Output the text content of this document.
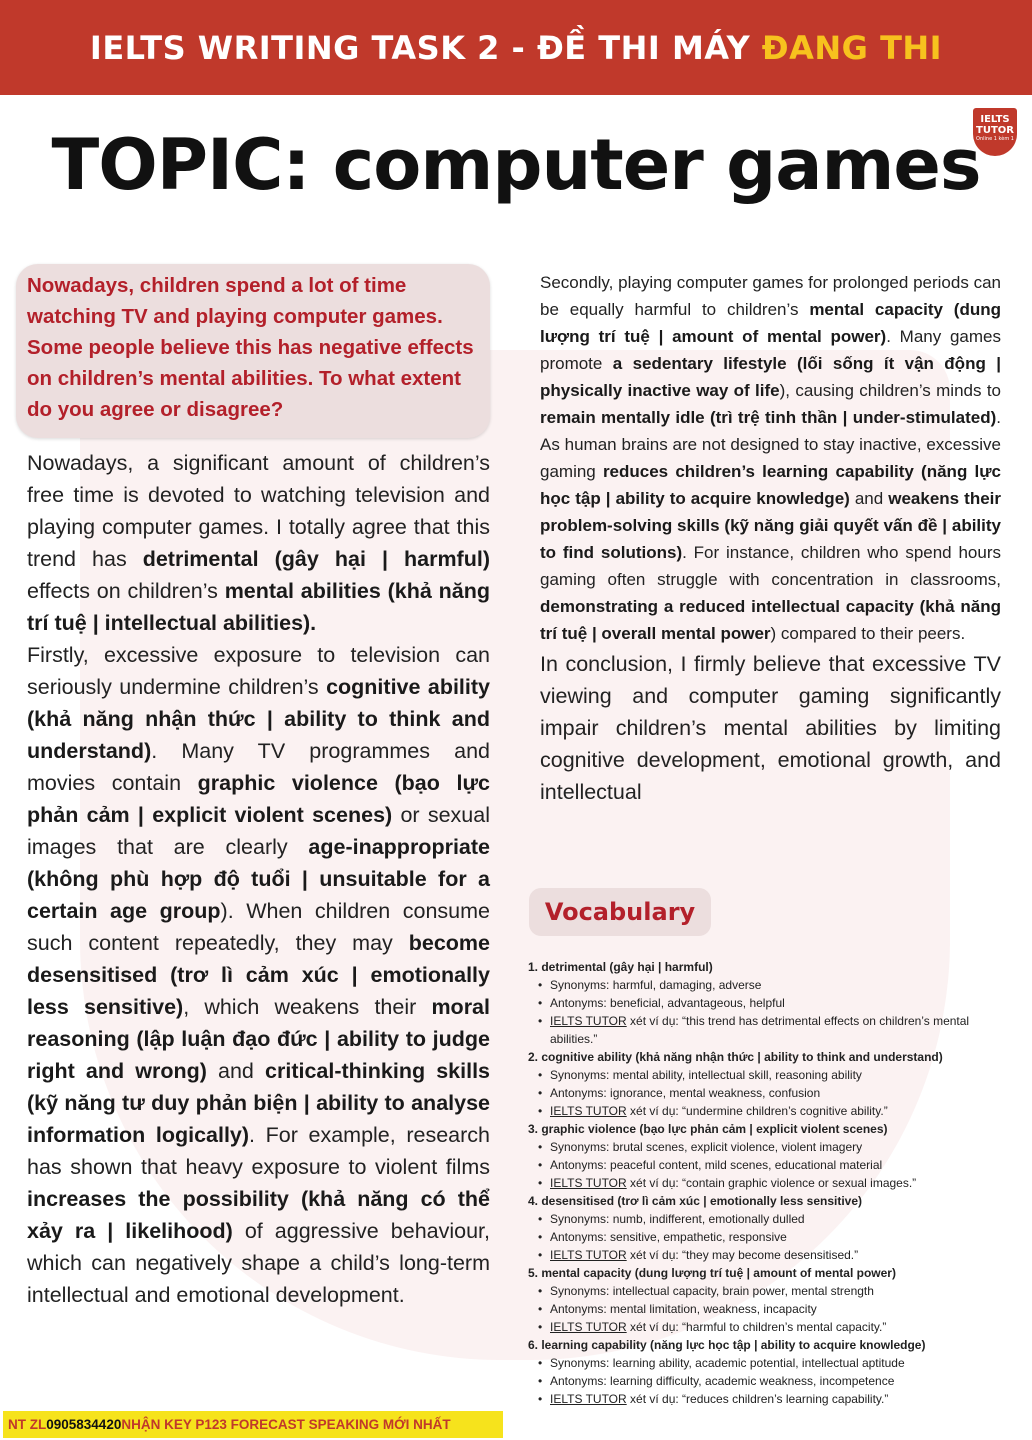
IELTS WRITING TASK 2 - ĐỀ THI MÁY ĐANG THI
IELTS
TUTOR
Online 1 kèm 1
TOPIC: computer games
Nowadays, children spend a lot of time watching TV and playing computer games. Some people believe this has negative effects on children’s mental abilities. To what extent do you agree or disagree?

Nowadays, a significant amount of children’s free time is devoted to watching television and playing computer games. I totally agree that this trend has detrimental (gây hại | harmful) effects on children’s mental abilities (khả năng trí tuệ | intellectual abilities).

Firstly, excessive exposure to television can seriously undermine children’s cognitive ability (khả năng nhận thức | ability to think and understand). Many TV programmes and movies contain graphic violence (bạo lực phản cảm | explicit violent scenes) or sexual images that are clearly age-inappropriate (không phù hợp độ tuổi | unsuitable for a certain age group). When children consume such content repeatedly, they may become desensitised (trơ lì cảm xúc | emotionally less sensitive), which weakens their moral reasoning (lập luận đạo đức | ability to judge right and wrong) and critical-thinking skills (kỹ năng tư duy phản biện | ability to analyse information logically). For example, research has shown that heavy exposure to violent films increases the possibility (khả năng có thể xảy ra | likelihood) of aggressive behaviour, which can negatively shape a child’s long-term intellectual and emotional development.

Secondly, playing computer games for prolonged periods can be equally harmful to children’s mental capacity (dung lượng trí tuệ | amount of mental power). Many games promote a sedentary lifestyle (lối sống ít vận động | physically inactive way of life), causing children’s minds to remain mentally idle (trì trệ tinh thần | under-stimulated). As human brains are not designed to stay inactive, excessive gaming reduces children’s learning capability (năng lực học tập | ability to acquire knowledge) and weakens their problem-solving skills (kỹ năng giải quyết vấn đề | ability to find solutions). For instance, children who spend hours gaming often struggle with concentration in classrooms, demonstrating a reduced intellectual capacity (khả năng trí tuệ | overall mental power) compared to their peers.

In conclusion, I firmly believe that excessive TV viewing and computer gaming significantly impair children’s mental abilities by limiting cognitive development, emotional growth, and intellectual

Vocabulary
1. detrimental (gây hại | harmful)
• Synonyms: harmful, damaging, adverse
• Antonyms: beneficial, advantageous, helpful
• IELTS TUTOR xét ví dụ: “this trend has detrimental effects on children’s mental abilities.”
2. cognitive ability (khả năng nhận thức | ability to think and understand)
• Synonyms: mental ability, intellectual skill, reasoning ability
• Antonyms: ignorance, mental weakness, confusion
• IELTS TUTOR xét ví dụ: “undermine children’s cognitive ability.”
3. graphic violence (bạo lực phản cảm | explicit violent scenes)
• Synonyms: brutal scenes, explicit violence, violent imagery
• Antonyms: peaceful content, mild scenes, educational material
• IELTS TUTOR xét ví dụ: “contain graphic violence or sexual images.”
4. desensitised (trơ lì cảm xúc | emotionally less sensitive)
• Synonyms: numb, indifferent, emotionally dulled
• Antonyms: sensitive, empathetic, responsive
• IELTS TUTOR xét ví dụ: “they may become desensitised.”
5. mental capacity (dung lượng trí tuệ | amount of mental power)
• Synonyms: intellectual capacity, brain power, mental strength
• Antonyms: mental limitation, weakness, incapacity
• IELTS TUTOR xét ví dụ: “harmful to children’s mental capacity.”
6. learning capability (năng lực học tập | ability to acquire knowledge)
• Synonyms: learning ability, academic potential, intellectual aptitude
• Antonyms: learning difficulty, academic weakness, incompetence
• IELTS TUTOR xét ví dụ: “reduces children’s learning capability.”
NT ZL 0905834420 NHẬN KEY P123 FORECAST SPEAKING MỚI NHẤT
